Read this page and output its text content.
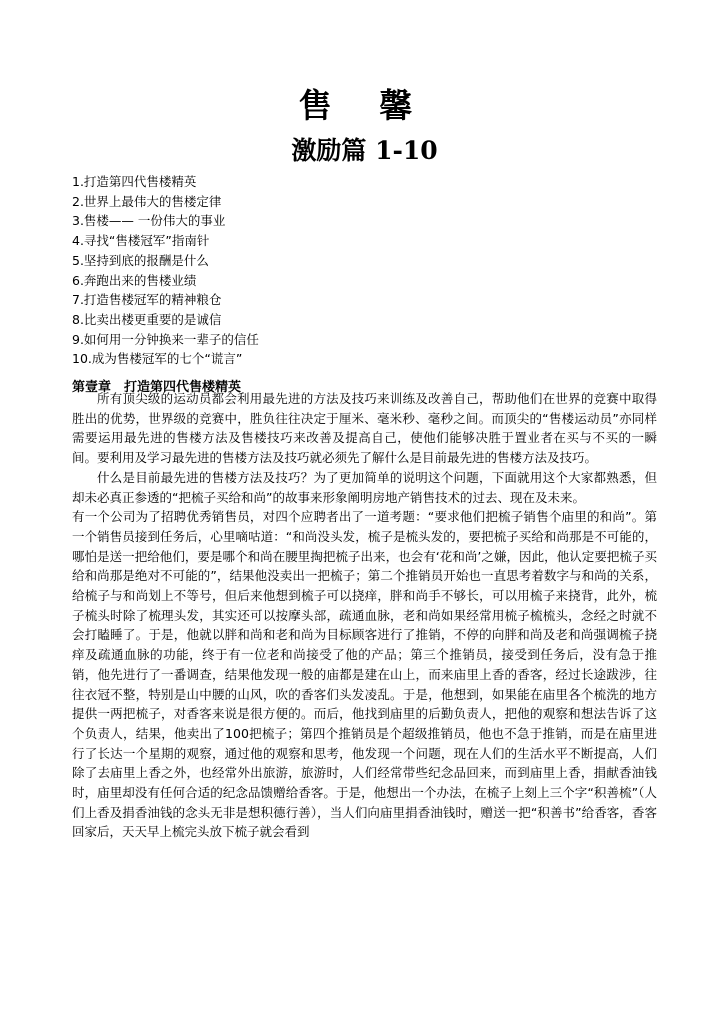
售 馨
激励篇 1-10
1.打造第四代售楼精英
2.世界上最伟大的售楼定律
3.售楼—— 一份伟大的事业
4.寻找“售楼冠军”指南针
5.坚持到底的报酬是什么
6.奔跑出来的售楼业绩
7.打造售楼冠军的精神粮仓
8.比卖出楼更重要的是诚信
9.如何用一分钟换来一辈子的信任
10.成为售楼冠军的七个“谎言”
第壹章　打造第四代售楼精英

所有顶尖级的运动员都会利用最先进的方法及技巧来训练及改善自己，帮助他们在世界的竞赛中取得胜出的优势，世界级的竞赛中，胜负往往决定于厘米、毫米秒、毫秒之间。而顶尖的“售楼运动员”亦同样需要运用最先进的售楼方法及售楼技巧来改善及提高自己，使他们能够决胜于置业者在买与不买的一瞬间。要利用及学习最先进的售楼方法及技巧就必须先了解什么是目前最先进的售楼方法及技巧。

什么是目前最先进的售楼方法及技巧？为了更加简单的说明这个问题，下面就用这个大家都熟悉，但却未必真正参透的“把梳子买给和尚”的故事来形象阐明房地产销售技术的过去、现在及未来。

有一个公司为了招聘优秀销售员，对四个应聘者出了一道考题：“要求他们把梳子销售个庙里的和尚”。第一个销售员接到任务后，心里嘀咕道：“和尚没头发，梳子是梳头发的，要把梳子买给和尚那是不可能的，哪怕是送一把给他们，要是哪个和尚在腰里掏把梳子出来，也会有‘花和尚’之嫌，因此，他认定要把梳子买给和尚那是绝对不可能的”，结果他没卖出一把梳子；第二个推销员开始也一直思考着数字与和尚的关系，给梳子与和尚划上不等号，但后来他想到梳子可以挠痒，胖和尚手不够长，可以用梳子来挠背，此外，梳子梳头时除了梳理头发，其实还可以按摩头部，疏通血脉，老和尚如果经常用梳子梳梳头，念经之时就不会打瞌睡了。于是，他就以胖和尚和老和尚为目标顾客进行了推销，不停的向胖和尚及老和尚强调梳子挠痒及疏通血脉的功能，终于有一位老和尚接受了他的产品；第三个推销员，接受到任务后，没有急于推销，他先进行了一番调查，结果他发现一般的庙都是建在山上，而来庙里上香的香客，经过长途跋涉，往往衣冠不整，特别是山中腰的山风，吹的香客们头发凌乱。于是，他想到，如果能在庙里各个梳洗的地方提供一两把梳子，对香客来说是很方便的。而后，他找到庙里的后勤负责人，把他的观察和想法告诉了这个负责人，结果，他卖出了100把梳子；第四个推销员是个超级推销员，他也不急于推销，而是在庙里进行了长达一个星期的观察，通过他的观察和思考，他发现一个问题，现在人们的生活水平不断提高，人们除了去庙里上香之外，也经常外出旅游，旅游时，人们经常带些纪念品回来，而到庙里上香，捐献香油钱时，庙里却没有任何合适的纪念品馈赠给香客。于是，他想出一个办法，在梳子上刻上三个字“积善梳”（人们上香及捐香油钱的念头无非是想积德行善），当人们向庙里捐香油钱时，赠送一把“积善书”给香客，香客回家后，天天早上梳完头放下梳子就会看到
